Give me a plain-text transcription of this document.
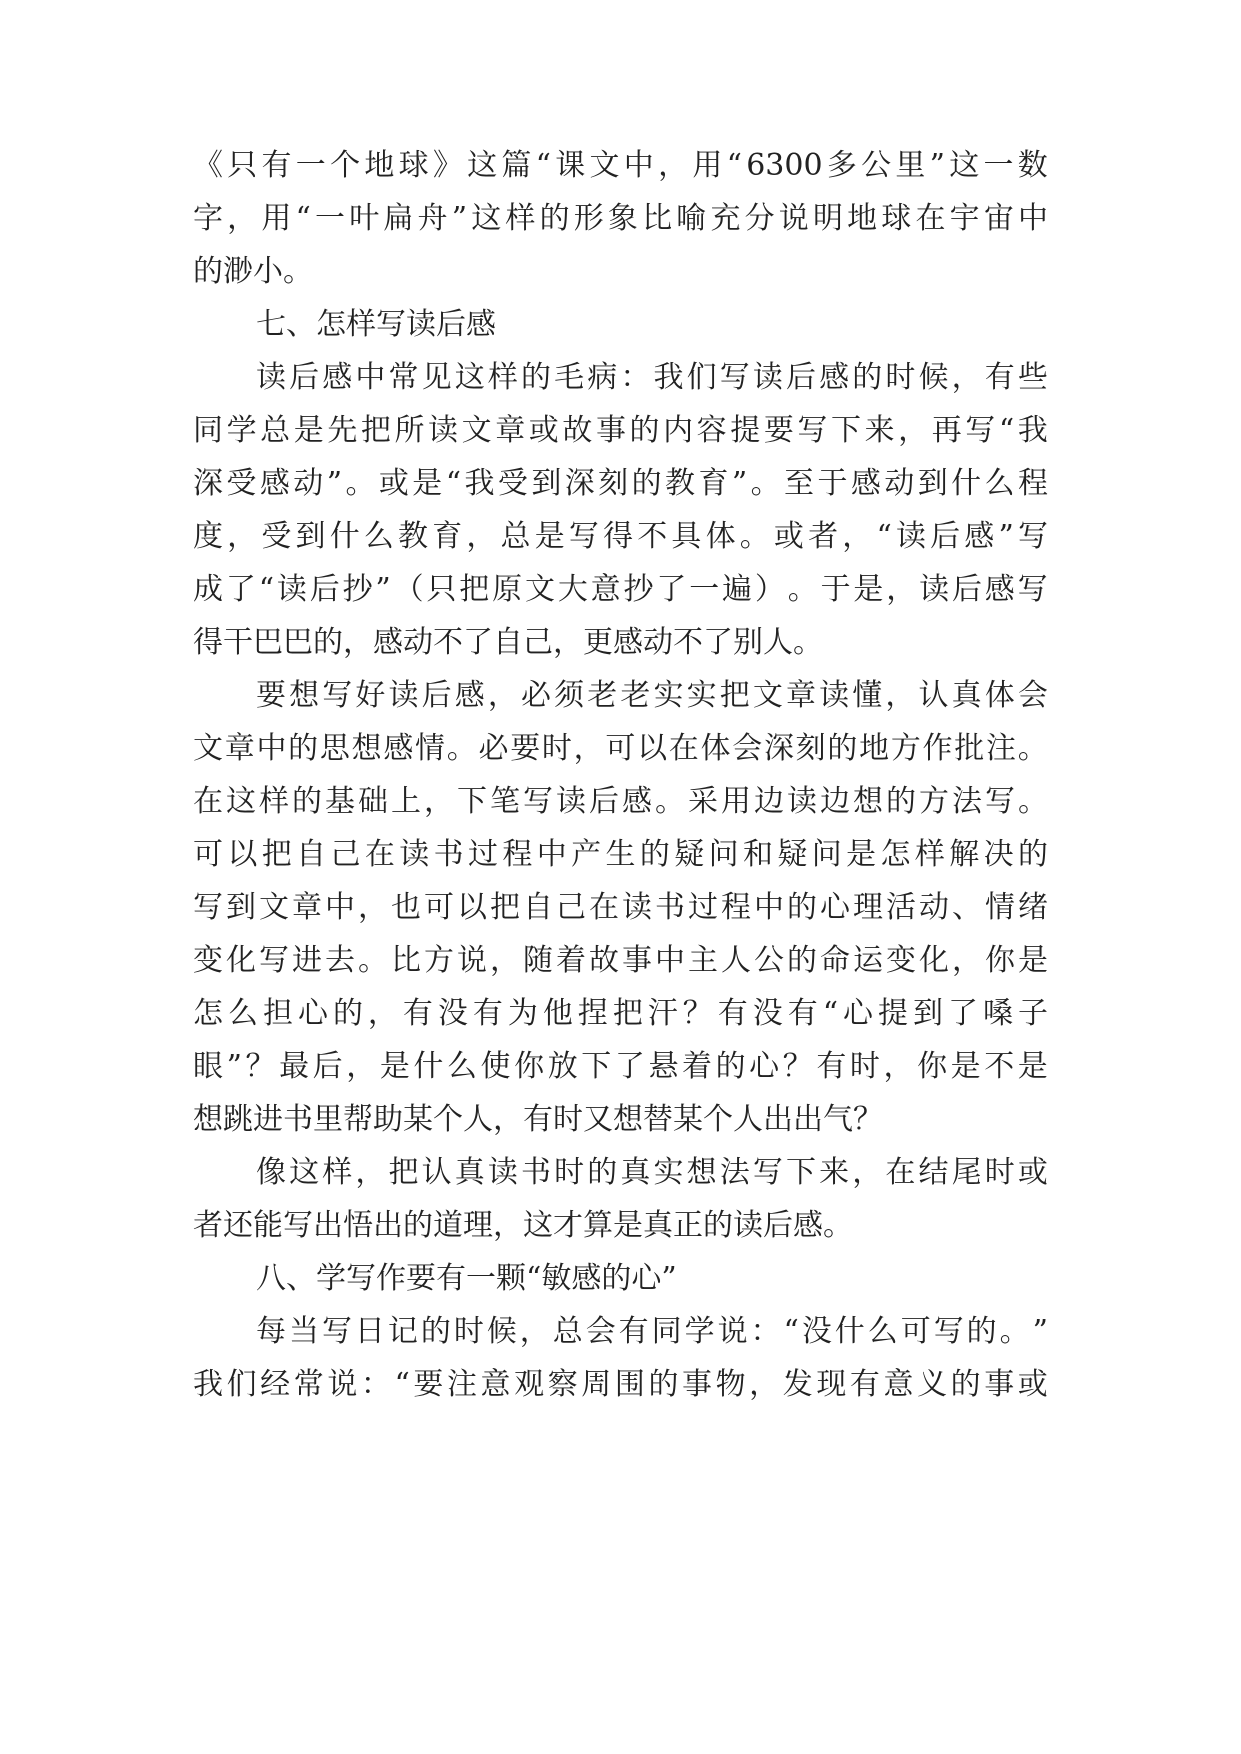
《 只 有 一 个 地 球 》 这 篇 “ 课 文 中 ， 用 “ 6300 多 公 里 ” 这 一 数
字 ， 用 “ 一 叶 扁 舟 ” 这 样 的 形 象 比 喻 充 分 说 明 地 球 在 宇 宙 中
的渺小。
七、怎样写读后感
读 后 感 中 常 见 这 样 的 毛 病 ： 我 们 写 读 后 感 的 时 候 ， 有 些
同 学 总 是 先 把 所 读 文 章 或 故 事 的 内 容 提 要 写 下 来 ， 再 写 “ 我
深 受 感 动 ” 。 或 是 “ 我 受 到 深 刻 的 教 育 ” 。 至 于 感 动 到 什 么 程
度 ， 受 到 什 么 教 育 ， 总 是 写 得 不 具 体 。 或 者 ， “ 读 后 感 ” 写
成 了 “ 读 后 抄 ” （ 只 把 原 文 大 意 抄 了 一 遍 ） 。 于 是 ， 读 后 感 写
得干巴巴的，感动不了自己，更感动不了别人。
要 想 写 好 读 后 感 ， 必 须 老 老 实 实 把 文 章 读 懂 ， 认 真 体 会
文 章 中 的 思 想 感 情 。 必 要 时 ， 可 以 在 体 会 深 刻 的 地 方 作 批 注 。
在 这 样 的 基 础 上 ， 下 笔 写 读 后 感 。 采 用 边 读 边 想 的 方 法 写 。
可 以 把 自 己 在 读 书 过 程 中 产 生 的 疑 问 和 疑 问 是 怎 样 解 决 的
写 到 文 章 中 ， 也 可 以 把 自 己 在 读 书 过 程 中 的 心 理 活 动 、 情 绪
变 化 写 进 去 。 比 方 说 ， 随 着 故 事 中 主 人 公 的 命 运 变 化 ， 你 是
怎 么 担 心 的 ， 有 没 有 为 他 捏 把 汗 ？ 有 没 有 “ 心 提 到 了 嗓 子
眼 ” ？ 最 后 ， 是 什 么 使 你 放 下 了 悬 着 的 心 ？ 有 时 ， 你 是 不 是
想跳进书里帮助某个人，有时又想替某个人出出气？
像 这 样 ， 把 认 真 读 书 时 的 真 实 想 法 写 下 来 ， 在 结 尾 时 或
者还能写出悟出的道理，这才算是真正的读后感。
八、学写作要有一颗“敏感的心”
每 当 写 日 记 的 时 候 ， 总 会 有 同 学 说 ： “ 没 什 么 可 写 的 。 ”
我 们 经 常 说 ： “ 要 注 意 观 察 周 围 的 事 物 ， 发 现 有 意 义 的 事 或
